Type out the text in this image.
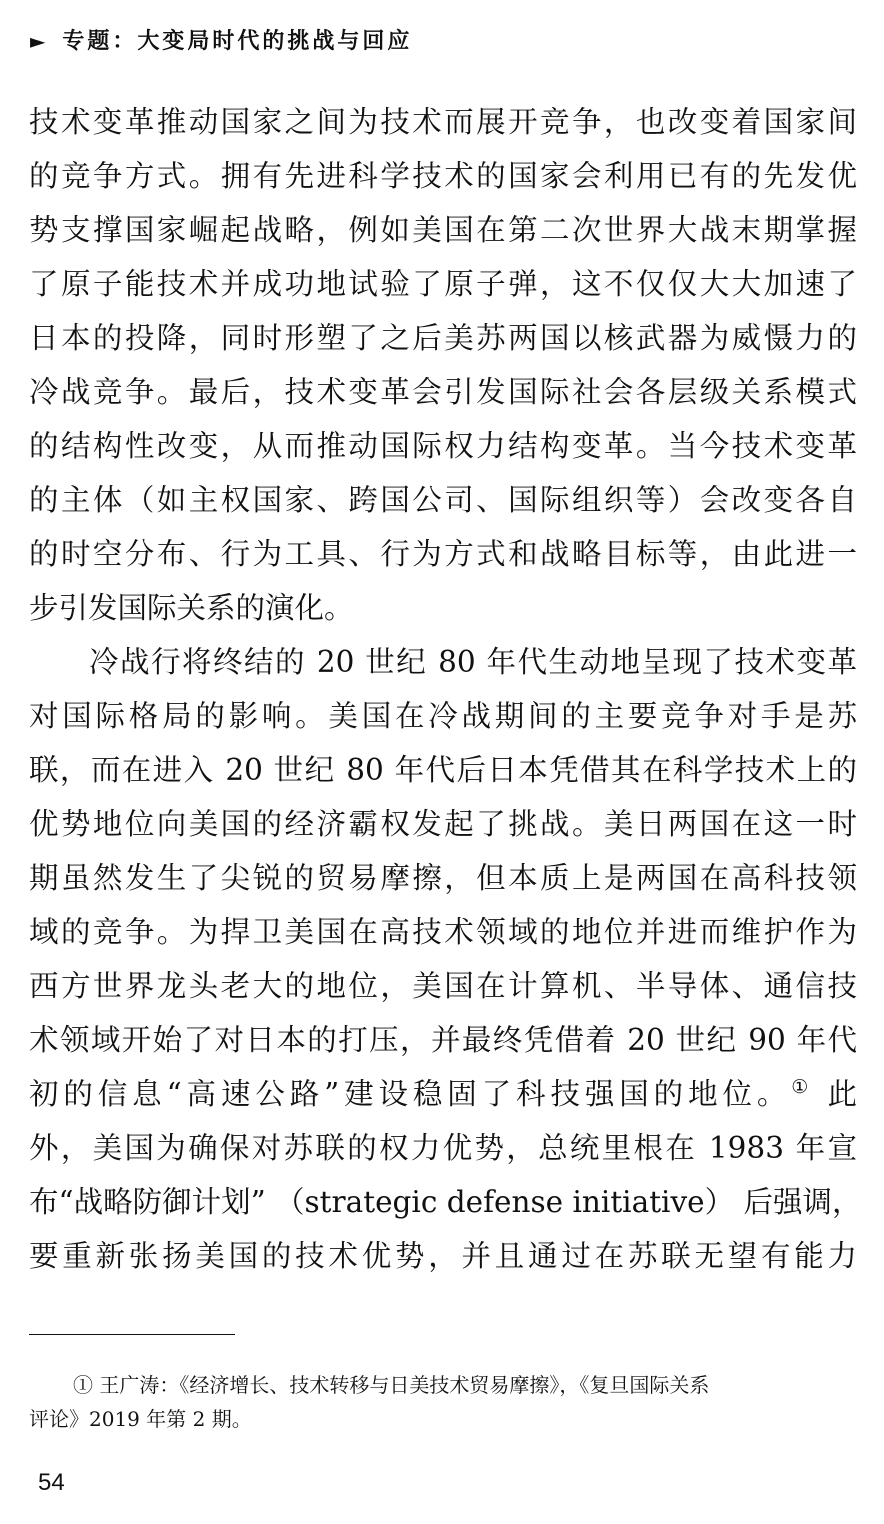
► 专题：大变局时代的挑战与回应
技术变革推动国家之间为技术而展开竞争，也改变着国家间
的竞争方式。拥有先进科学技术的国家会利用已有的先发优
势支撑国家崛起战略，例如美国在第二次世界大战末期掌握
了原子能技术并成功地试验了原子弹，这不仅仅大大加速了
日本的投降，同时形塑了之后美苏两国以核武器为威慑力的
冷战竞争。最后，技术变革会引发国际社会各层级关系模式
的结构性改变，从而推动国际权力结构变革。当今技术变革
的主体（如主权国家、跨国公司、国际组织等）会改变各自
的时空分布、行为工具、行为方式和战略目标等，由此进一
步引发国际关系的演化。
冷战行将终结的 20 世纪 80 年代生动地呈现了技术变革
对国际格局的影响。美国在冷战期间的主要竞争对手是苏
联，而在进入 20 世纪 80 年代后日本凭借其在科学技术上的
优势地位向美国的经济霸权发起了挑战。美日两国在这一时
期虽然发生了尖锐的贸易摩擦，但本质上是两国在高科技领
域的竞争。为捍卫美国在高技术领域的地位并进而维护作为
西方世界龙头老大的地位，美国在计算机、半导体、通信技
术领域开始了对日本的打压，并最终凭借着 20 世纪 90 年代
初的信息“高速公路”建设稳固了科技强国的地位。① 此
外，美国为确保对苏联的权力优势，总统里根在 1983 年宣
布“战略防御计划” （strategic defense initiative） 后强调，
要重新张扬美国的技术优势，并且通过在苏联无望有能力
① 王广涛：《经济增长、技术转移与日美技术贸易摩擦》，《复旦国际关系
评论》2019 年第 2 期。
54
